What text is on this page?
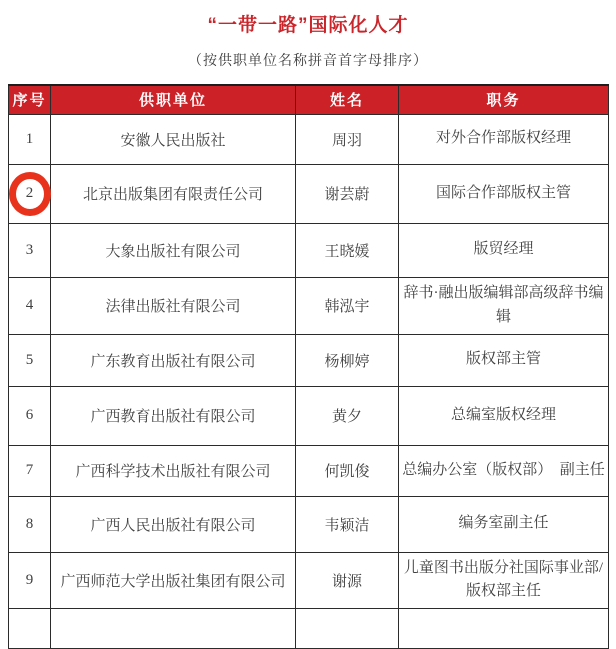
“一带一路”国际化人才
（按供职单位名称拼音首字母排序）
序号	供职单位	姓名	职务
1	安徽人民出版社	周羽	对外合作部版权经理
2	北京出版集团有限责任公司	谢芸蔚	国际合作部版权主管
3	大象出版社有限公司	王晓媛	版贸经理
4	法律出版社有限公司	韩泓宇	辞书·融出版编辑部高级辞书编辑
5	广东教育出版社有限公司	杨柳婷	版权部主管
6	广西教育出版社有限公司	黄夕	总编室版权经理
7	广西科学技术出版社有限公司	何凯俊	总编办公室（版权部）　副主任
8	广西人民出版社有限公司	韦颖洁	编务室副主任
9	广西师范大学出版社集团有限公司	谢源	儿童图书出版分社国际事业部/版权部主任
